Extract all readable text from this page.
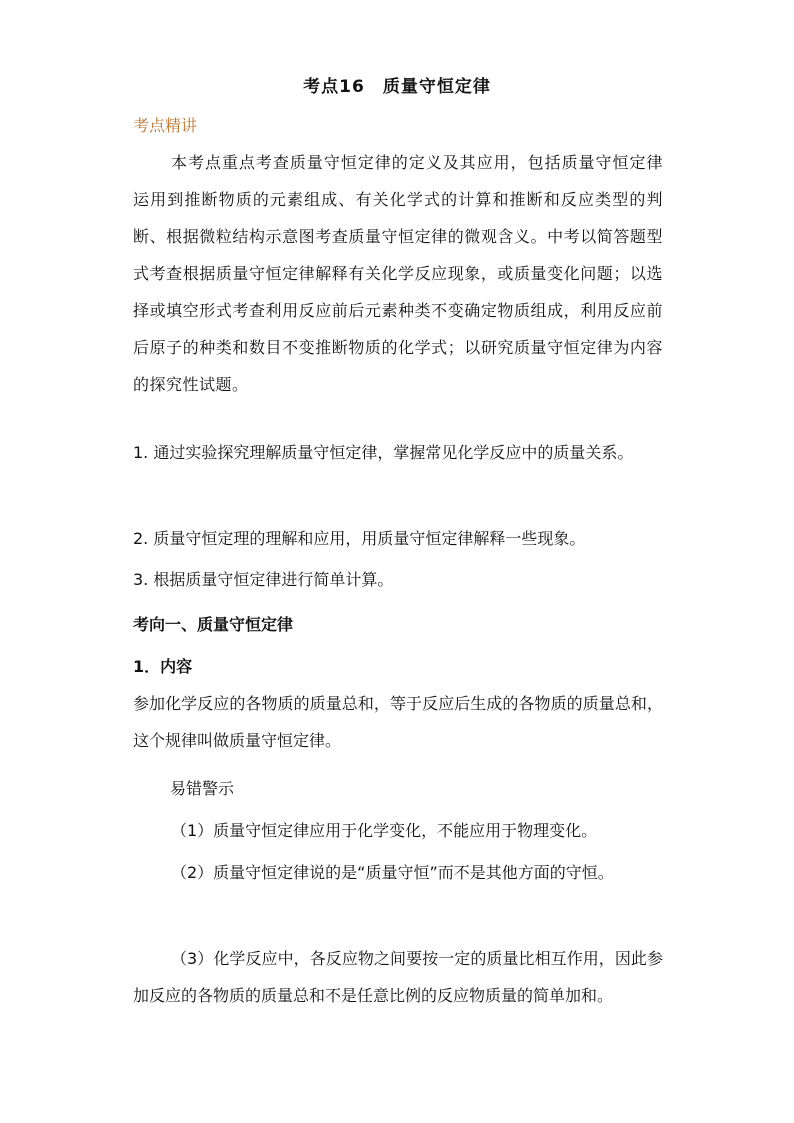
考点16　质量守恒定律
考点精讲
本考点重点考查质量守恒定律的定义及其应用，包括质量守恒定律运用到推断物质的元素组成、有关化学式的计算和推断和反应类型的判断、根据微粒结构示意图考查质量守恒定律的微观含义。中考以简答题型式考查根据质量守恒定律解释有关化学反应现象，或质量变化问题；以选择或填空形式考查利用反应前后元素种类不变确定物质组成，利用反应前后原子的种类和数目不变推断物质的化学式；以研究质量守恒定律为内容的探究性试题。
1. 通过实验探究理解质量守恒定律，掌握常见化学反应中的质量关系。
2. 质量守恒定理的理解和应用，用质量守恒定律解释一些现象。
3. 根据质量守恒定律进行简单计算。
考向一、质量守恒定律
1．内容
参加化学反应的各物质的质量总和，等于反应后生成的各物质的质量总和，这个规律叫做质量守恒定律。
易错警示
（1）质量守恒定律应用于化学变化，不能应用于物理变化。
（2）质量守恒定律说的是“质量守恒”而不是其他方面的守恒。
（3）化学反应中，各反应物之间要按一定的质量比相互作用，因此参加反应的各物质的质量总和不是任意比例的反应物质量的简单加和。
